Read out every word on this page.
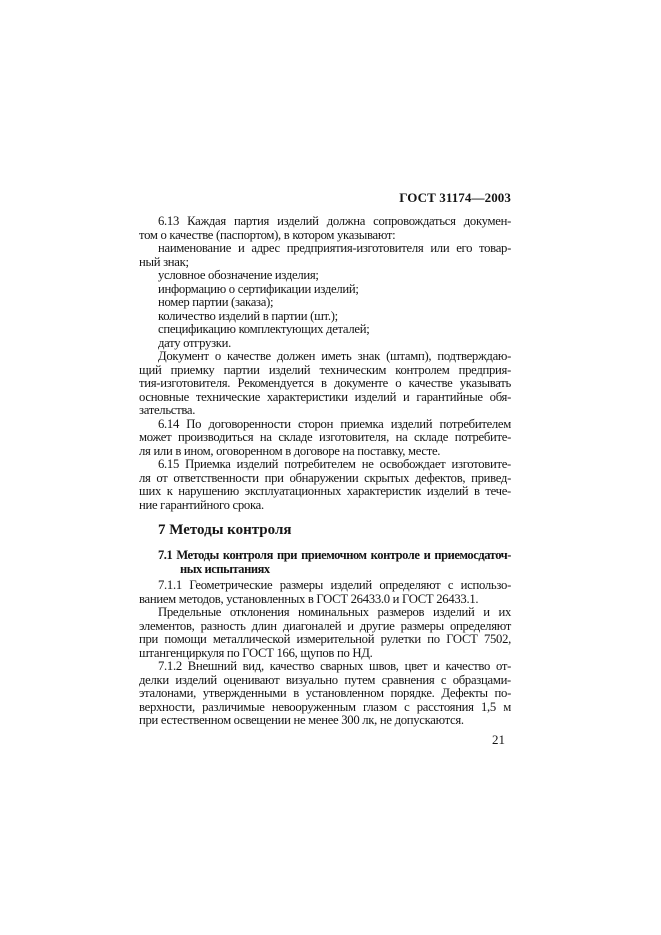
ГОСТ 31174—2003
6.13 Каждая партия изделий должна сопровождаться докумен-
том о качестве (паспортом), в котором указывают:
наименование и адрес предприятия-изготовителя или его товар-
ный знак;
условное обозначение изделия;
информацию о сертификации изделий;
номер партии (заказа);
количество изделий в партии (шт.);
спецификацию комплектующих деталей;
дату отгрузки.
Документ о качестве должен иметь знак (штамп), подтверждаю-
щий приемку партии изделий техническим контролем предприя-
тия-изготовителя. Рекомендуется в документе о качестве указывать
основные технические характеристики изделий и гарантийные обя-
зательства.
6.14 По договоренности сторон приемка изделий потребителем
может производиться на складе изготовителя, на складе потребите-
ля или в ином, оговоренном в договоре на поставку, месте.
6.15 Приемка изделий потребителем не освобождает изготовите-
ля от ответственности при обнаружении скрытых дефектов, привед-
ших к нарушению эксплуатационных характеристик изделий в тече-
ние гарантийного срока.
7 Методы контроля
7.1 Методы контроля при приемочном контроле и приемосдаточ-
ных испытаниях
7.1.1 Геометрические размеры изделий определяют с использо-
ванием методов, установленных в ГОСТ 26433.0 и ГОСТ 26433.1.
Предельные отклонения номинальных размеров изделий и их
элементов, разность длин диагоналей и другие размеры определяют
при помощи металлической измерительной рулетки по ГОСТ 7502,
штангенциркуля по ГОСТ 166, щупов по НД.
7.1.2 Внешний вид, качество сварных швов, цвет и качество от-
делки изделий оценивают визуально путем сравнения с образцами-
эталонами, утвержденными в установленном порядке. Дефекты по-
верхности, различимые невооруженным глазом с расстояния 1,5 м
при естественном освещении не менее 300 лк, не допускаются.
21
